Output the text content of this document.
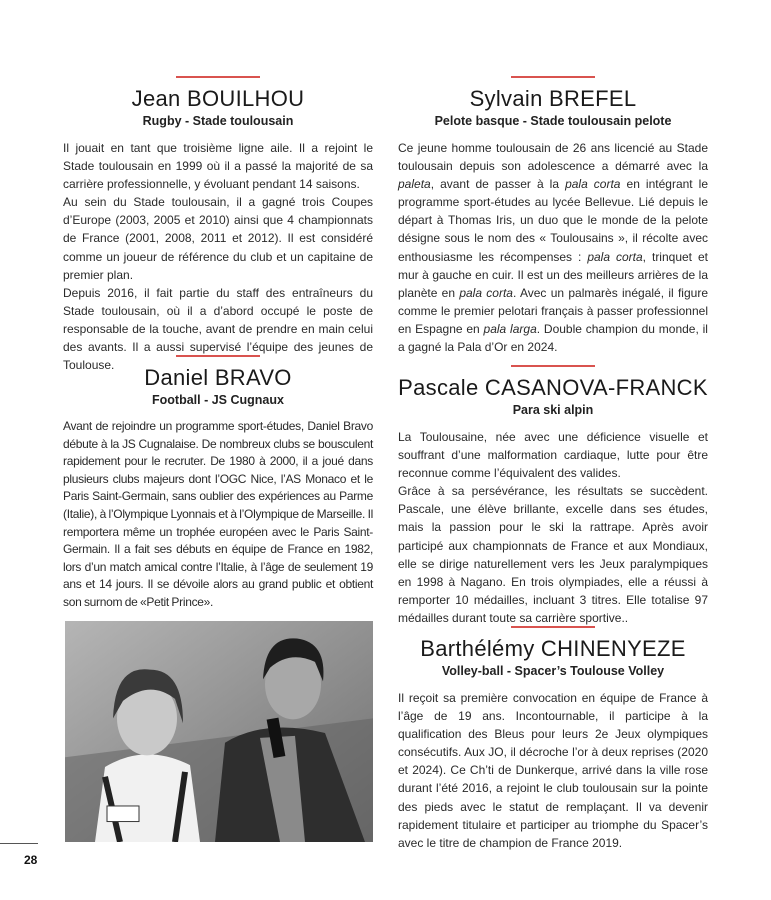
Jean BOUILHOU
Rugby - Stade toulousain

Il jouait en tant que troisième ligne aile. Il a rejoint le Stade toulousain en 1999 où il a passé la majorité de sa carrière professionnelle, y évoluant pendant 14 saisons.

Au sein du Stade toulousain, il a gagné trois Coupes d’Europe (2003, 2005 et 2010) ainsi que 4 championnats de France (2001, 2008, 2011 et 2012). Il est considéré comme un joueur de référence du club et un capitaine de premier plan.

Depuis 2016, il fait partie du staff des entraîneurs du Stade toulousain, où il a d’abord occupé le poste de responsable de la touche, avant de prendre en main celui des avants. Il a aussi supervisé l’équipe des jeunes de Toulouse.	Daniel BRAVO
Football - JS Cugnaux

Avant de rejoindre un programme sport-études, Daniel Bravo débute à la JS Cugnalaise. De nombreux clubs se bousculent rapidement pour le recruter. De 1980 à 2000, il a joué dans plusieurs clubs majeurs dont l’OGC Nice, l’AS Monaco et le Paris Saint-Germain, sans oublier des expériences au Parme (Italie), à l’Olympique Lyonnais et à l’Olympique de Marseille. Il remportera même un trophée européen avec le Paris Saint-Germain. Il a fait ses débuts en équipe de France en 1982, lors d’un match amical contre l’Italie, à l’âge de seulement 19 ans et 14 jours. Il se dévoile alors au grand public et obtient son surnom de «Petit Prince».

Sylvain BREFEL
Pelote basque - Stade toulousain pelote

Ce jeune homme toulousain de 26 ans licencié au Stade toulousain depuis son adolescence a démarré avec la paleta, avant de passer à la pala corta en intégrant le programme sport-études au lycée Bellevue. Lié depuis le départ à Thomas Iris, un duo que le monde de la pelote désigne sous le nom des « Toulousains », il récolte avec enthousiasme les récompenses : pala corta, trinquet et mur à gauche en cuir. Il est un des meilleurs arrières de la planète en pala corta. Avec un palmarès inégalé, il figure comme le premier pelotari français à passer professionnel en Espagne en pala larga. Double champion du monde, il a gagné la Pala d’Or en 2024.

Pascale CASANOVA-FRANCK
Para ski alpin

La Toulousaine, née avec une déficience visuelle et souffrant d’une malformation cardiaque, lutte pour être reconnue comme l’équivalent des valides.

Grâce à sa persévérance, les résultats se succèdent. Pascale, une élève brillante, excelle dans ses études, mais la passion pour le ski la rattrape. Après avoir participé aux championnats de France et aux Mondiaux, elle se dirige naturellement vers les Jeux paralympiques en 1998 à Nagano. En trois olympiades, elle a réussi à remporter 10 médailles, incluant 3 titres. Elle totalise 97 médailles durant toute sa carrière sportive..

Barthélémy CHINENYEZE
Volley-ball - Spacer’s Toulouse Volley

Il reçoit sa première convocation en équipe de France à l’âge de 19 ans. Incontournable, il participe à la qualification des Bleus pour leurs 2e Jeux olympiques consécutifs. Aux JO, il décroche l’or à deux reprises (2020 et 2024). Ce Ch’ti de Dunkerque, arrivé dans la ville rose durant l’été 2016, a rejoint le club toulousain sur la pointe des pieds avec le statut de remplaçant. Il va devenir rapidement titulaire et participer au triomphe du Spacer’s avec le titre de champion de France 2019.

28
